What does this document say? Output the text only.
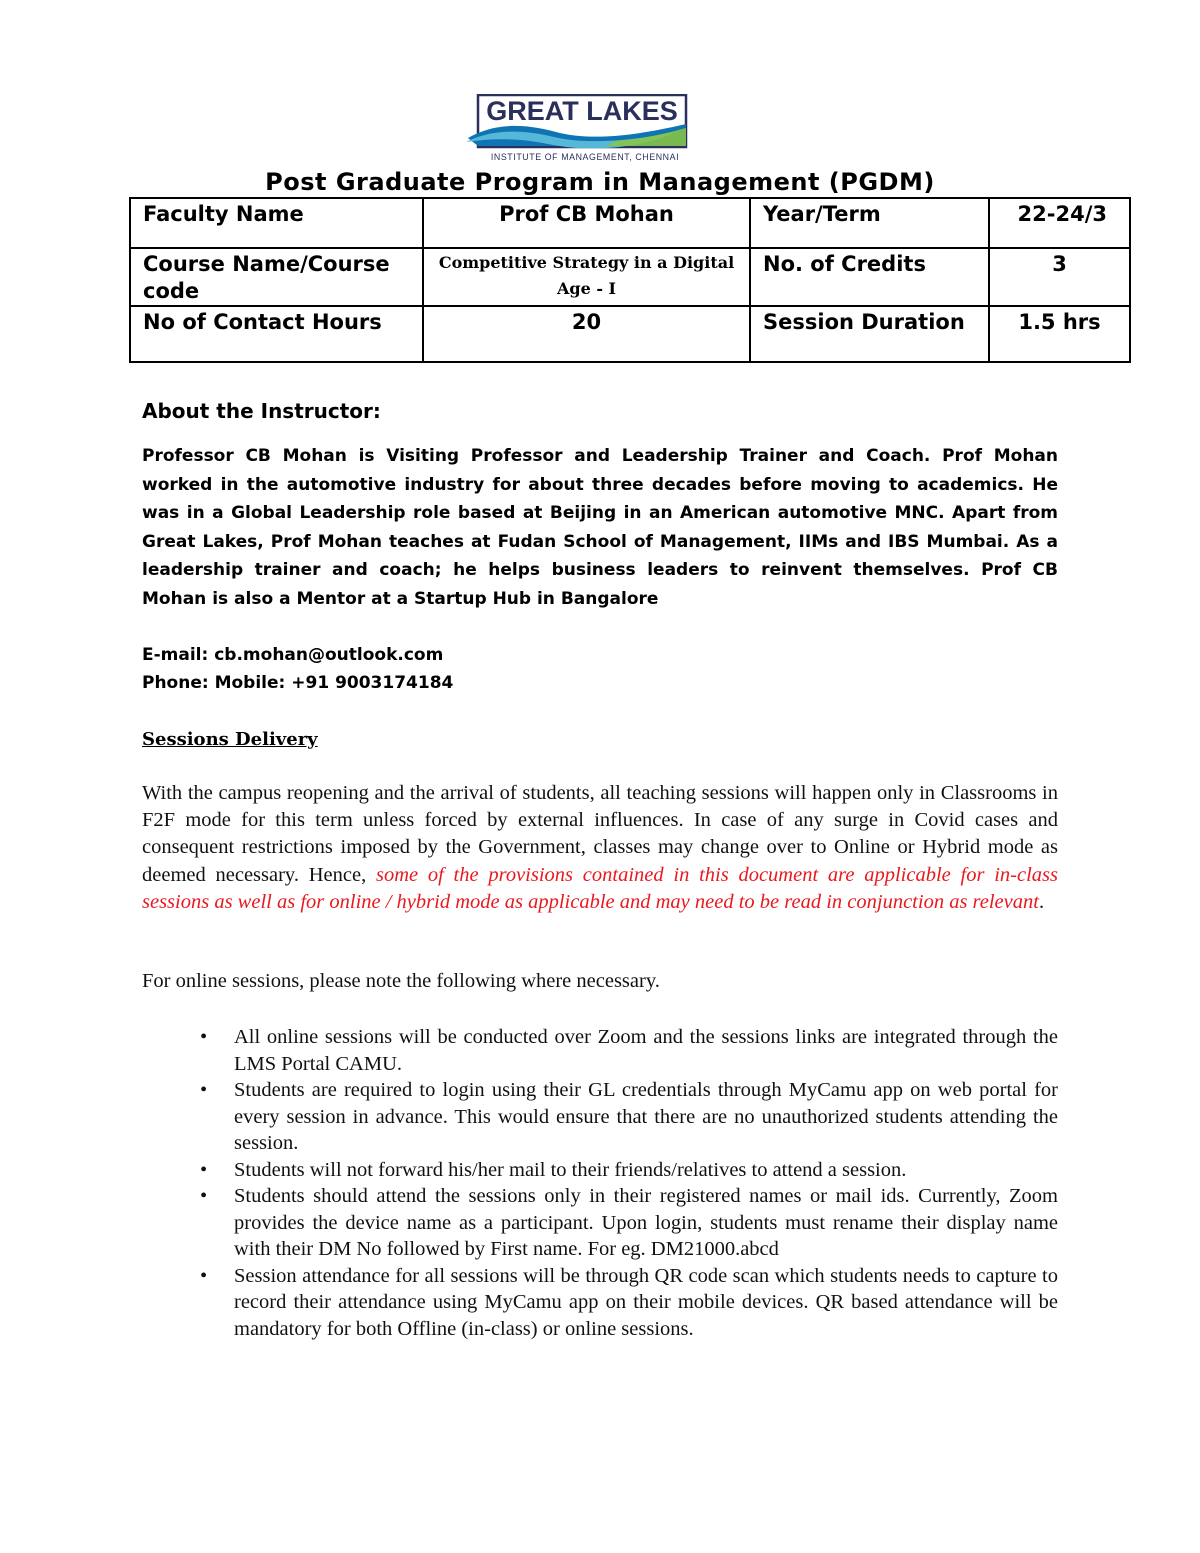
GREAT LAKES
INSTITUTE OF MANAGEMENT, CHENNAI
Post Graduate Program in Management (PGDM)
Faculty Name	Prof CB Mohan	Year/Term	22-24/3
Course Name/Course code	Competitive Strategy in a Digital Age - I	No. of Credits	3
No of Contact Hours	20	Session Duration	1.5 hrs
About the Instructor:
Professor CB Mohan is Visiting Professor and Leadership Trainer and Coach. Prof Mohan worked in the automotive industry for about three decades before moving to academics. He was in a Global Leadership role based at Beijing in an American automotive MNC. Apart from Great Lakes, Prof Mohan teaches at Fudan School of Management, IIMs and IBS Mumbai. As a leadership trainer and coach; he helps business leaders to reinvent themselves. Prof CB Mohan is also a Mentor at a Startup Hub in Bangalore
E-mail: cb.mohan@outlook.com
Phone: Mobile: +91 9003174184
Sessions Delivery
With the campus reopening and the arrival of students, all teaching sessions will happen only in Classrooms in F2F mode for this term unless forced by external influences. In case of any surge in Covid cases and consequent restrictions imposed by the Government, classes may change over to Online or Hybrid mode as deemed necessary. Hence, some of the provisions contained in this document are applicable for in-class sessions as well as for online / hybrid mode as applicable and may need to be read in conjunction as relevant.
For online sessions, please note the following where necessary.
• All online sessions will be conducted over Zoom and the sessions links are integrated through the LMS Portal CAMU.
• Students are required to login using their GL credentials through MyCamu app on web portal for every session in advance. This would ensure that there are no unauthorized students attending the session.
• Students will not forward his/her mail to their friends/relatives to attend a session.
• Students should attend the sessions only in their registered names or mail ids. Currently, Zoom provides the device name as a participant. Upon login, students must rename their display name with their DM No followed by First name. For eg. DM21000.abcd
• Session attendance for all sessions will be through QR code scan which students needs to capture to record their attendance using MyCamu app on their mobile devices. QR based attendance will be mandatory for both Offline (in-class) or online sessions.
